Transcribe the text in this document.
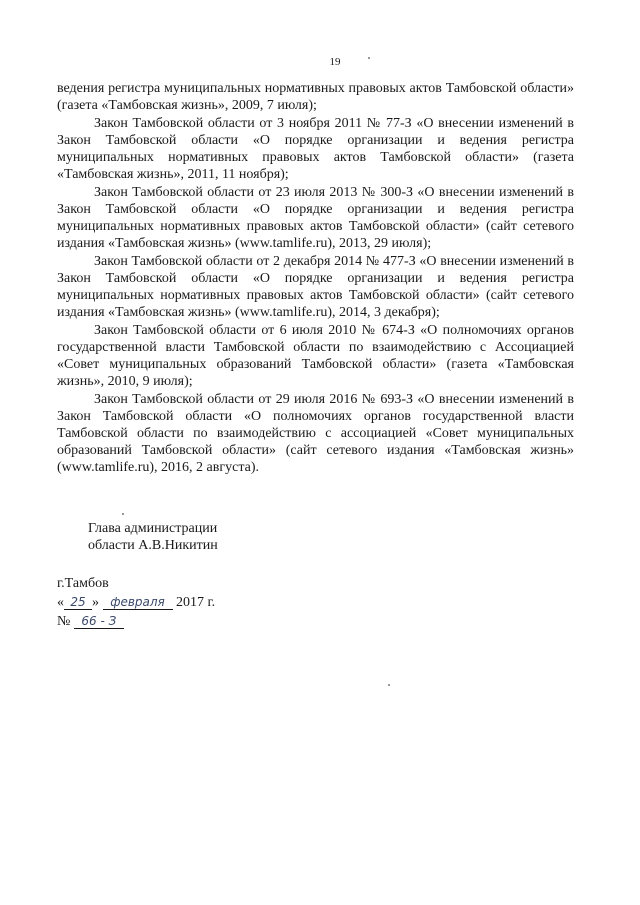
19

ведения регистра муниципальных нормативных правовых актов Тамбовской области» (газета «Тамбовская жизнь», 2009, 7 июля);

Закон Тамбовской области от 3 ноября 2011 № 77-З «О внесении изменений в Закон Тамбовской области «О порядке организации и ведения регистра муниципальных нормативных правовых актов Тамбовской области» (газета «Тамбовская жизнь», 2011, 11 ноября);

Закон Тамбовской области от 23 июля 2013 № 300-З «О внесении изменений в Закон Тамбовской области «О порядке организации и ведения регистра муниципальных нормативных правовых актов Тамбовской области» (сайт сетевого издания «Тамбовская жизнь» (www.tamlife.ru), 2013, 29 июля);

Закон Тамбовской области от 2 декабря 2014 № 477-З «О внесении изменений в Закон Тамбовской области «О порядке организации и ведения регистра муниципальных нормативных правовых актов Тамбовской области» (сайт сетевого издания «Тамбовская жизнь» (www.tamlife.ru), 2014, 3 декабря);

Закон Тамбовской области от 6 июля 2010 № 674-З «О полномочиях органов государственной власти Тамбовской области по взаимодействию с Ассоциацией «Совет муниципальных образований Тамбовской области» (газета «Тамбовская жизнь», 2010, 9 июля);

Закон Тамбовской области от 29 июля 2016 № 693-З «О внесении изменений в Закон Тамбовской области «О полномочиях органов государственной власти Тамбовской области по взаимодействию с ассоциацией «Совет муниципальных образований Тамбовской области» (сайт сетевого издания «Тамбовская жизнь» (www.tamlife.ru), 2016, 2 августа).

Глава администрации
области А.В.Никитин
г.Тамбов
« 25 » февраля 2017 г.
№ 66 - З
